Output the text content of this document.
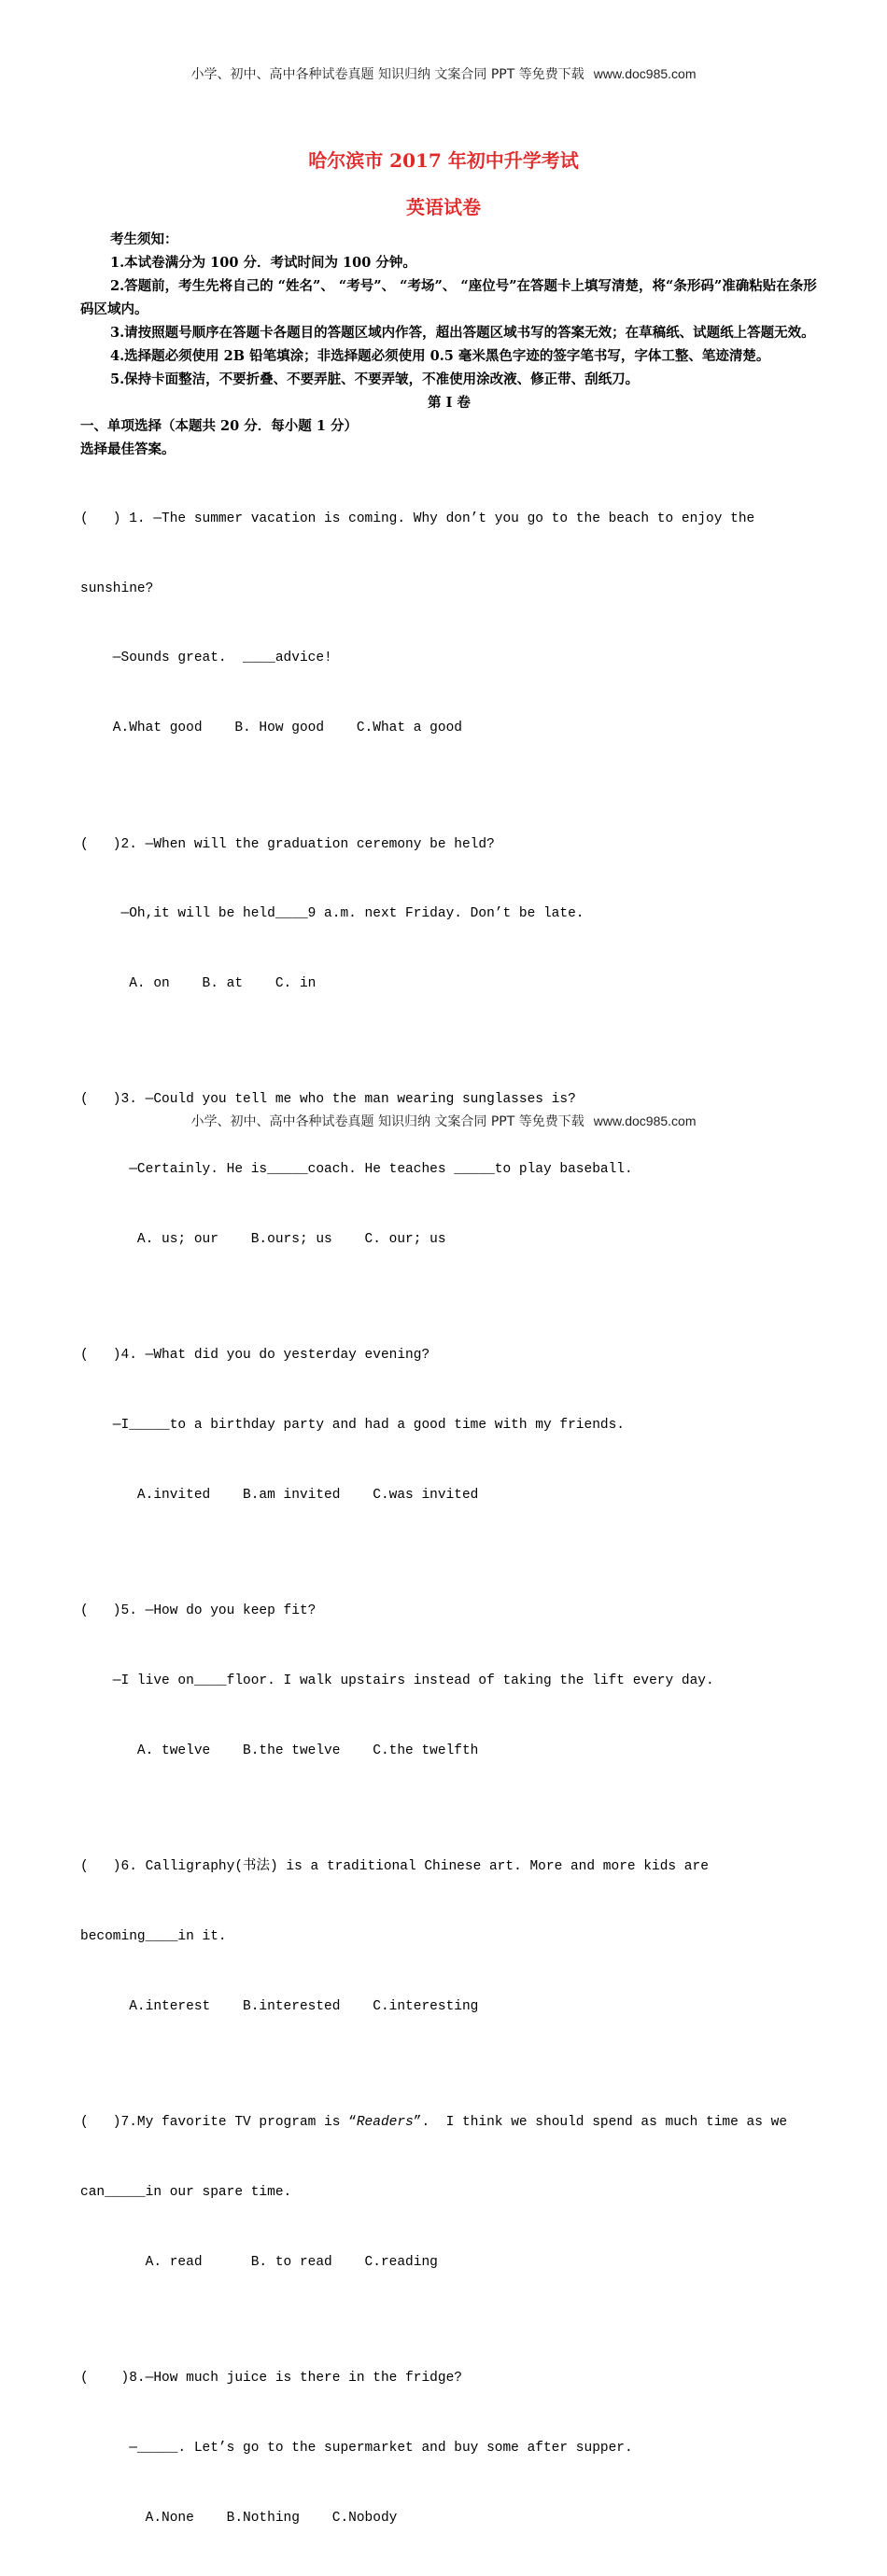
小学、初中、高中各种试卷真题 知识归纳 文案合同 PPT 等免费下载 www.doc985.com
哈尔滨市 2017 年初中升学考试
英语试卷
考生须知：
1.本试卷满分为 100 分．考试时间为 100 分钟。
2.答题前，考生先将自己的 “姓名”、 “考号”、 “考场”、 “座位号”在答题卡上填写清楚，将“条形码”准确粘贴在条形码区域内。
3.请按照题号顺序在答题卡各题目的答题区域内作答，超出答题区域书写的答案无效；在草稿纸、试题纸上答题无效。
4.选择题必须使用 2B 铅笔填涂；非选择题必须使用 0.5 毫米黑色字迹的签字笔书写，字体工整、笔迹清楚。
5.保持卡面整洁，不要折叠、不要弄脏、不要弄皱，不准使用涂改液、修正带、刮纸刀。
第 I 卷
一、单项选择（本题共 20 分．每小题 1 分）
选择最佳答案。

(   ) 1. —The summer vacation is coming. Why don’t you go to the beach to enjoy the

sunshine?

—Sounds great.  ____advice!

A.What good    B. How good    C.What a good

(   )2. —When will the graduation ceremony be held?

—Oh,it will be held____9 a.m. next Friday. Don’t be late.

A. on    B. at    C. in

(   )3. —Could you tell me who the man wearing sunglasses is?

—Certainly. He is_____coach. He teaches _____to play baseball.

A. us; our    B.ours; us    C. our; us

(   )4. —What did you do yesterday evening?

—I_____to a birthday party and had a good time with my friends.

A.invited    B.am invited    C.was invited

(   )5. —How do you keep fit?

—I live on____floor. I walk upstairs instead of taking the lift every day.

A. twelve    B.the twelve    C.the twelfth

(   )6. Calligraphy(书法) is a traditional Chinese art. More and more kids are

becoming____in it.

A.interest    B.interested    C.interesting

(   )7.My favorite TV program is “Readers”.  I think we should spend as much time as we

can_____in our spare time.

A. read      B. to read    C.reading

(    )8.—How much juice is there in the fridge?

—_____. Let’s go to the supermarket and buy some after supper.

A.None    B.Nothing    C.Nobody

小学、初中、高中各种试卷真题 知识归纳 文案合同 PPT 等免费下载 www.doc985.com
